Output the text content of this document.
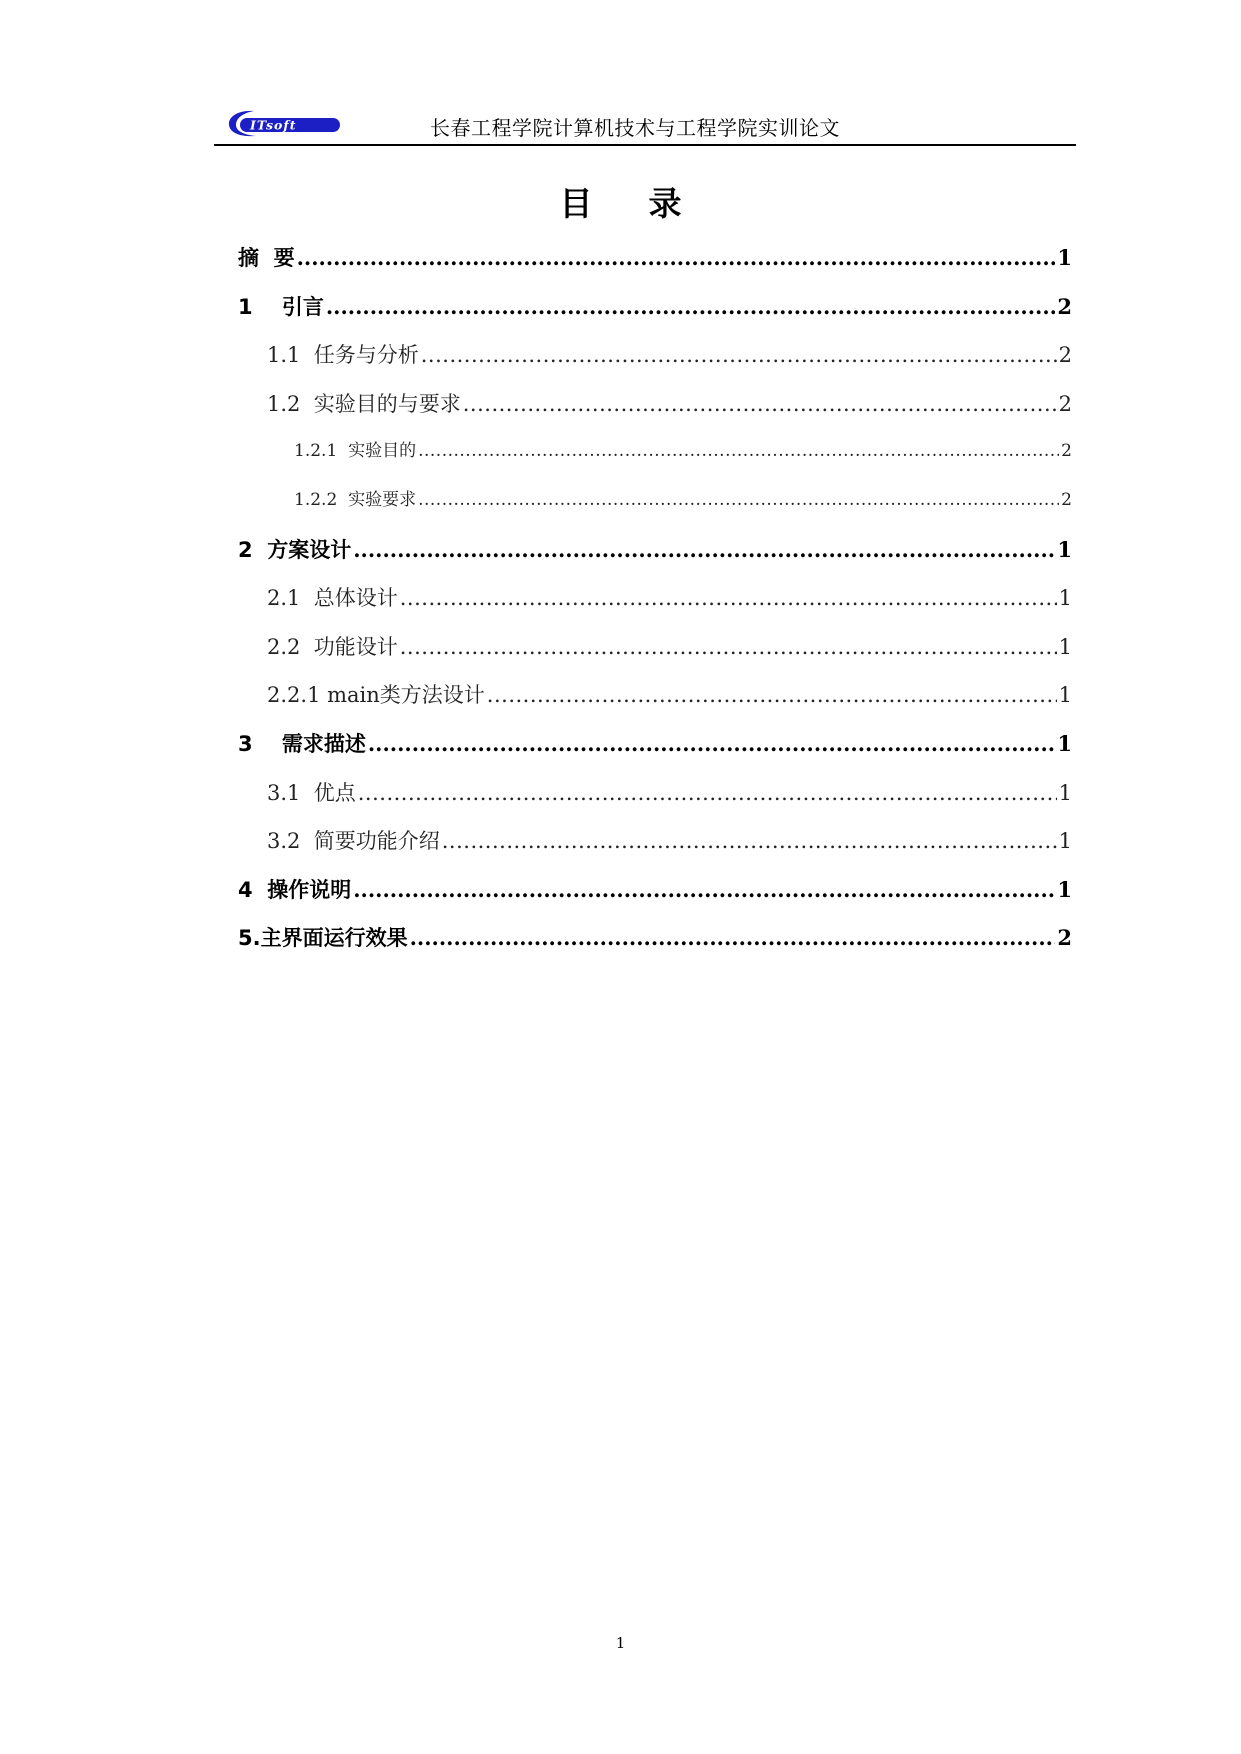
ITsoft	长春工程学院计算机技术与工程学院实训论文
目录
摘  要 .....	1
1    引言 .....	2
1.1  任务与分析 .....	2
1.2  实验目的与要求 .....	2
1.2.1  实验目的 .....	2
1.2.2  实验要求 .....	2
2  方案设计 .....	1
2.1  总体设计 .....	1
2.2  功能设计 .....	1
2.2.1 main类方法设计 .....	1
3    需求描述 .....	1
3.1  优点 .....	1
3.2  简要功能介绍 .....	1
4  操作说明 .....	1
5.主界面运行效果 .....	2
1
